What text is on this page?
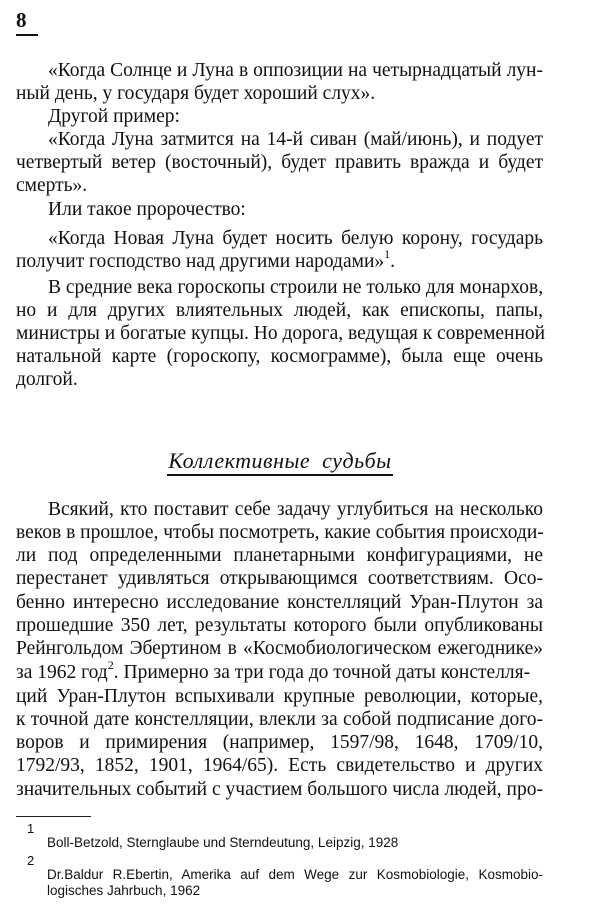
8
«Когда Солнце и Луна в оппозиции на четырнадцатый лун-
ный день, у государя будет хороший слух».
Другой пример:
«Когда Луна затмится на 14-й сиван (май/июнь), и подует
четвертый ветер (восточный), будет править вражда и будет
смерть».
Или такое пророчество:
«Когда Новая Луна будет носить белую корону, государь
получит господство над другими народами»$^1$.
В средние века гороскопы строили не только для монархов,
но и для других влиятельных людей, как епископы, папы,
министры и богатые купцы. Но дорога, ведущая к современной
натальной карте (гороскопу, космограмме), была еще очень
долгой.
Коллективные судьбы
Всякий, кто поставит себе задачу углубиться на несколько
веков в прошлое, чтобы посмотреть, какие события происходи-
ли под определенными планетарными конфигурациями, не
перестанет удивляться открывающимся соответствиям. Осо-
бенно интересно исследование констелляций Уран-Плутон за
прошедшие 350 лет, результаты которого были опубликованы
Рейнгольдом Эбертином в «Космобиологическом ежегоднике»
за 1962 год$^2$. Примерно за три года до точной даты констелля-
ций Уран-Плутон вспыхивали крупные революции, которые,
к точной дате констелляции, влекли за собой подписание дого-
воров и примирения (например, 1597/98, 1648, 1709/10,
1792/93, 1852, 1901, 1964/65). Есть свидетельство и других
значительных событий с участием большого числа людей, про-
1
Boll-Betzold, Sternglaube und Sterndeutung, Leipzig, 1928
2
Dr.Baldur R.Ebertin, Amerika auf dem Wege zur Kosmobiologie, Kosmobio-
logisches Jahrbuch, 1962
